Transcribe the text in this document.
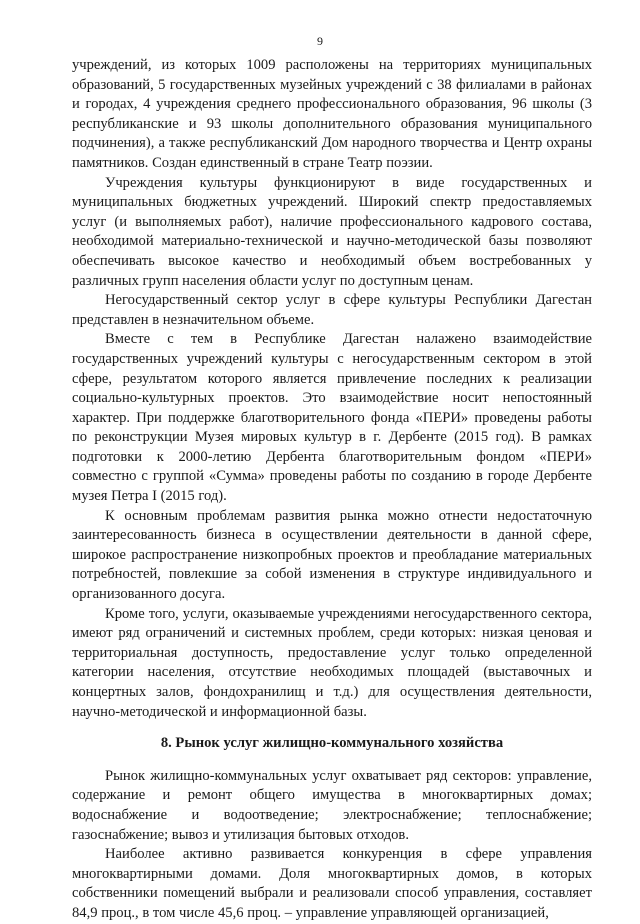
9

учреждений, из которых 1009 расположены на территориях муниципальных образований, 5 государственных музейных учреждений с 38 филиалами в районах и городах, 4 учреждения среднего профессионального образования, 96 школы (3 республиканские и 93 школы дополнительного образования муниципального подчинения), а также республиканский Дом народного творчества и Центр охраны памятников. Создан единственный в стране Театр поэзии.

Учреждения культуры функционируют в виде государственных и муниципальных бюджетных учреждений. Широкий спектр предоставляемых услуг (и выполняемых работ), наличие профессионального кадрового состава, необходимой материально-технической и научно-методической базы позволяют обеспечивать высокое качество и необходимый объем востребованных у различных групп населения области услуг по доступным ценам.

Негосударственный сектор услуг в сфере культуры Республики Дагестан представлен в незначительном объеме.

Вместе с тем в Республике Дагестан налажено взаимодействие государственных учреждений культуры с негосударственным сектором в этой сфере, результатом которого является привлечение последних к реализации социально-культурных проектов. Это взаимодействие носит непостоянный характер. При поддержке благотворительного фонда «ПЕРИ» проведены работы по реконструкции Музея мировых культур в г. Дербенте (2015 год). В рамках подготовки к 2000-летию Дербента благотворительным фондом «ПЕРИ» совместно с группой «Сумма» проведены работы по созданию в городе Дербенте музея Петра I (2015 год).

К основным проблемам развития рынка можно отнести недостаточную заинтересованность бизнеса в осуществлении деятельности в данной сфере, широкое распространение низкопробных проектов и преобладание материальных потребностей, повлекшие за собой изменения в структуре индивидуального и организованного досуга.

Кроме того, услуги, оказываемые учреждениями негосударственного сектора, имеют ряд ограничений и системных проблем, среди которых: низкая ценовая и территориальная доступность, предоставление услуг только определенной категории населения, отсутствие необходимых площадей (выставочных и концертных залов, фондохранилищ и т.д.) для осуществления деятельности, научно-методической и информационной базы.

8. Рынок услуг жилищно-коммунального хозяйства

Рынок жилищно-коммунальных услуг охватывает ряд секторов: управление, содержание и ремонт общего имущества в многоквартирных домах; водоснабжение и водоотведение; электроснабжение; теплоснабжение; газоснабжение; вывоз и утилизация бытовых отходов.

Наиболее активно развивается конкуренция в сфере управления многоквартирными домами. Доля многоквартирных домов, в которых собственники помещений выбрали и реализовали способ управления, составляет 84,9 проц., в том числе 45,6 проц. – управление управляющей организацией,
